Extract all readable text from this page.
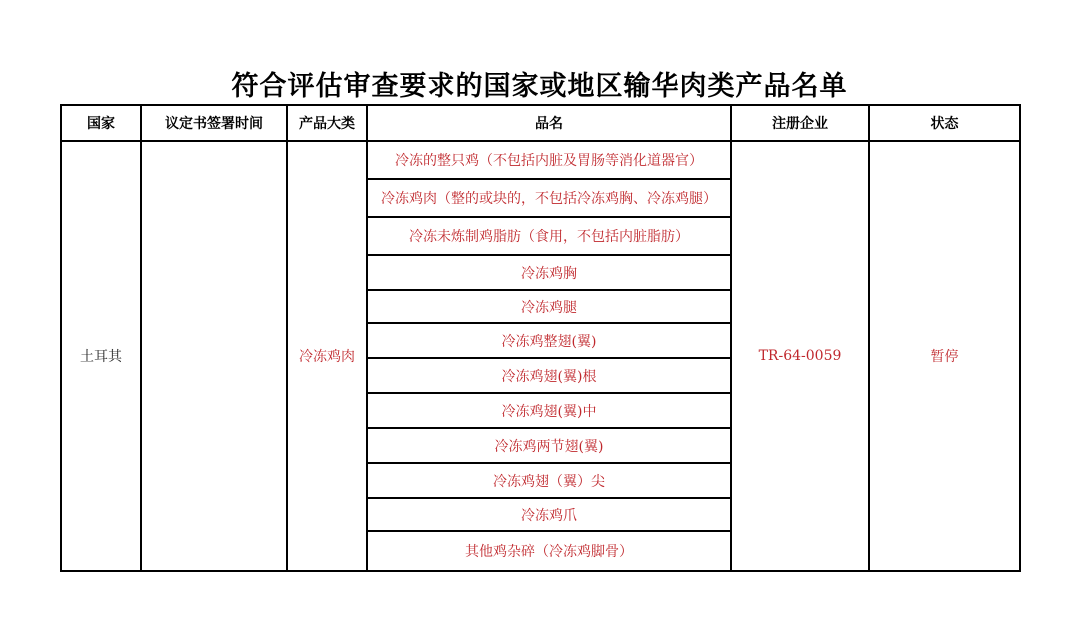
符合评估审查要求的国家或地区输华肉类产品名单
国家	议定书签署时间	产品大类	品名	注册企业	状态
土耳其		冷冻鸡肉	冷冻的整只鸡（不包括内脏及胃肠等消化道器官）	TR-64-0059	暂停
			冷冻鸡肉（整的或块的，不包括冷冻鸡胸、冷冻鸡腿）		
			冷冻未炼制鸡脂肪（食用，不包括内脏脂肪）		
			冷冻鸡胸		
			冷冻鸡腿		
			冷冻鸡整翅(翼)		
			冷冻鸡翅(翼)根		
			冷冻鸡翅(翼)中		
			冷冻鸡两节翅(翼)		
			冷冻鸡翅（翼）尖		
			冷冻鸡爪		
			其他鸡杂碎（冷冻鸡脚骨）		
